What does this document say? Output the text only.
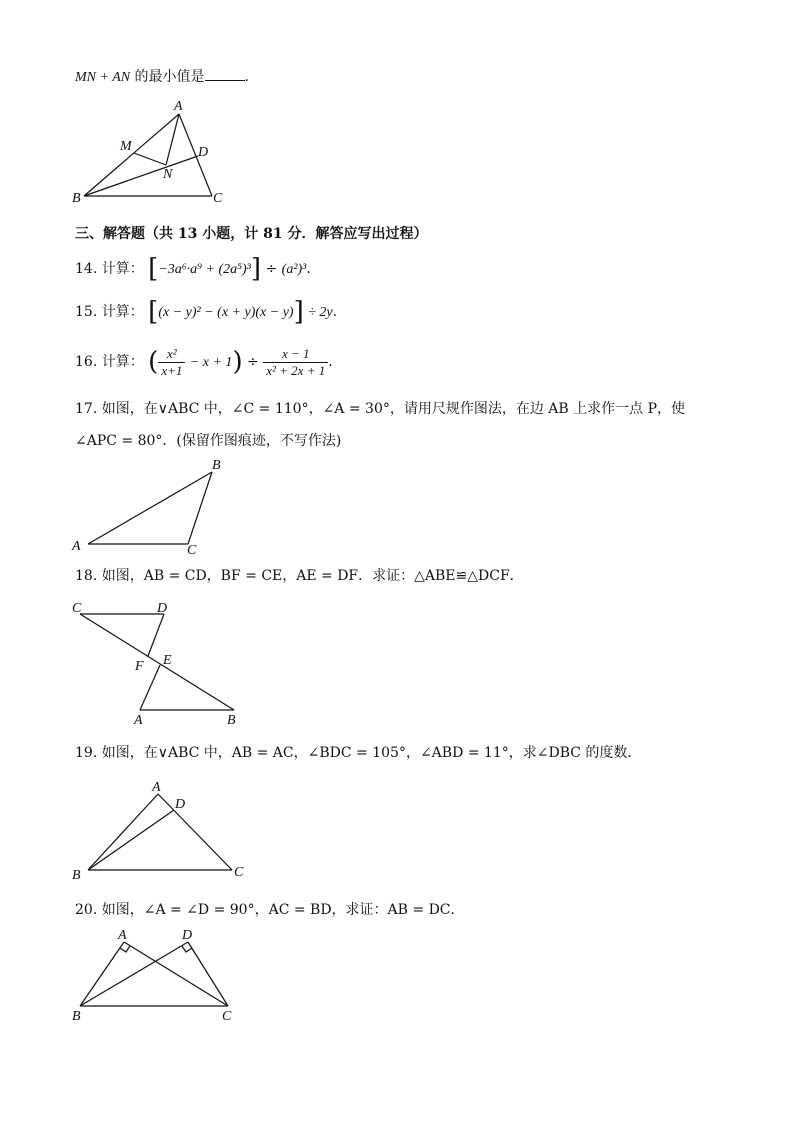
MN + AN 的最小值是	.
A
M	D
N
B	C
三、解答题（共 13 小题，计 81 分．解答应写出过程）
14. 计算： [−3a⁶·a⁹ + (2a⁵)³] ÷ (a²)³.
15. 计算： [(x − y)² − (x + y)(x − y)] ÷ 2y.
16. 计算： ( $\frac{\text{x²}}{x+1} - x + 1) \div \frac{x - 1}{\text{x² + 2x + 1}}$ .
17. 如图，在∨ABC 中，∠C = 110°，∠A = 30°，请用尺规作图法，在边 AB 上求作一点 P，使
∠APC = 80°．(保留作图痕迹，不写作法)
B
A	C
18. 如图，AB = CD，BF = CE，AE = DF．求证：△ABE≌△DCF．
C	D
F E
A	B
19. 如图，在∨ABC 中，AB = AC，∠BDC = 105°，∠ABD = 11°，求∠DBC 的度数．
A
D
B	C
20. 如图，∠A = ∠D = 90°，AC = BD，求证：AB = DC．
A	D
B	C
